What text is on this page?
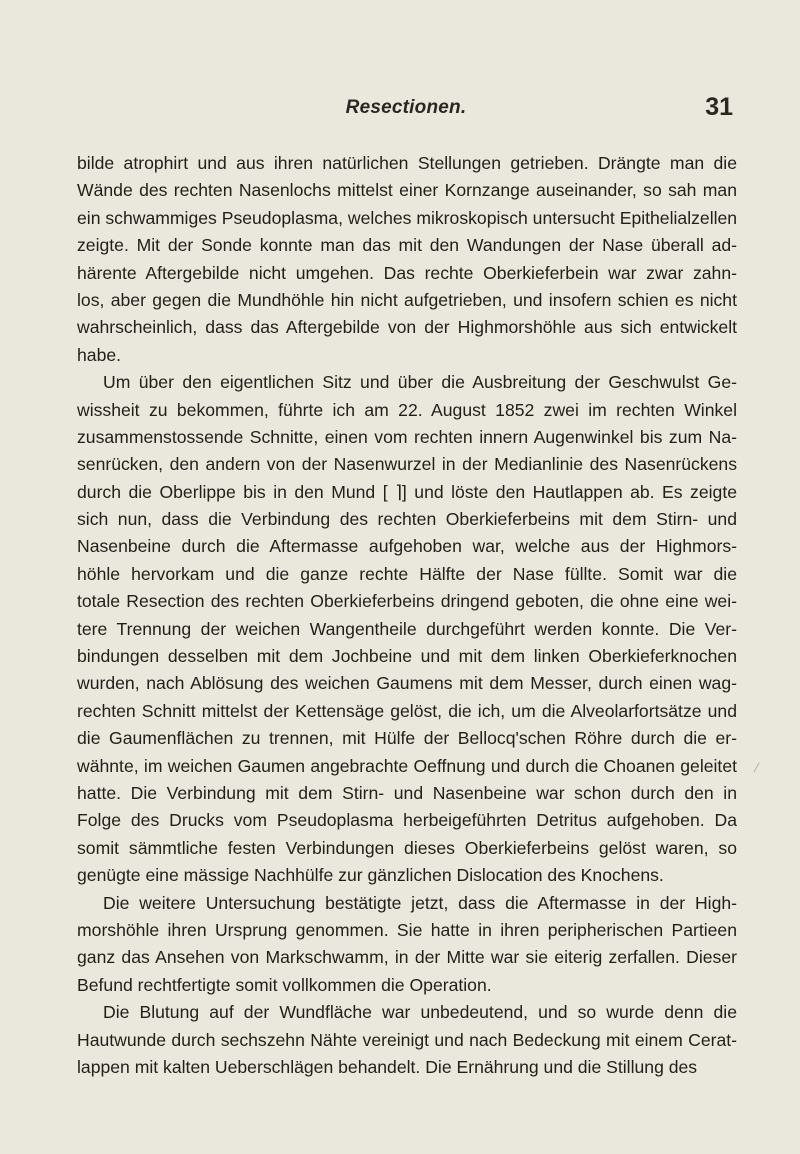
Resectionen.	31
bilde atrophirt und aus ihren natürlichen Stellungen getrieben. Drängte man die
Wände des rechten Nasenlochs mittelst einer Kornzange auseinander, so sah man
ein schwammiges Pseudoplasma, welches mikroskopisch untersucht Epithelialzellen
zeigte. Mit der Sonde konnte man das mit den Wandungen der Nase überall ad-
härente Aftergebilde nicht umgehen. Das rechte Oberkieferbein war zwar zahn-
los, aber gegen die Mundhöhle hin nicht aufgetrieben, und insofern schien es nicht
wahrscheinlich, dass das Aftergebilde von der Highmorshöhle aus sich entwickelt
habe.
Um über den eigentlichen Sitz und über die Ausbreitung der Geschwulst Ge-
wissheit zu bekommen, führte ich am 22. August 1852 zwei im rechten Winkel
zusammenstossende Schnitte, einen vom rechten innern Augenwinkel bis zum Na-
senrücken, den andern von der Nasenwurzel in der Medianlinie des Nasenrückens
durch die Oberlippe bis in den Mund [ ⌉] und löste den Hautlappen ab. Es zeigte
sich nun, dass die Verbindung des rechten Oberkieferbeins mit dem Stirn- und
Nasenbeine durch die Aftermasse aufgehoben war, welche aus der Highmors-
höhle hervorkam und die ganze rechte Hälfte der Nase füllte. Somit war die
totale Resection des rechten Oberkieferbeins dringend geboten, die ohne eine wei-
tere Trennung der weichen Wangentheile durchgeführt werden konnte. Die Ver-
bindungen desselben mit dem Jochbeine und mit dem linken Oberkieferknochen
wurden, nach Ablösung des weichen Gaumens mit dem Messer, durch einen wag-
rechten Schnitt mittelst der Kettensäge gelöst, die ich, um die Alveolarfortsätze und
die Gaumenflächen zu trennen, mit Hülfe der Bellocq'schen Röhre durch die er-
wähnte, im weichen Gaumen angebrachte Oeffnung und durch die Choanen geleitet
hatte. Die Verbindung mit dem Stirn- und Nasenbeine war schon durch den in
Folge des Drucks vom Pseudoplasma herbeigeführten Detritus aufgehoben. Da
somit sämmtliche festen Verbindungen dieses Oberkieferbeins gelöst waren, so
genügte eine mässige Nachhülfe zur gänzlichen Dislocation des Knochens.
Die weitere Untersuchung bestätigte jetzt, dass die Aftermasse in der High-
morshöhle ihren Ursprung genommen. Sie hatte in ihren peripherischen Partieen
ganz das Ansehen von Markschwamm, in der Mitte war sie eiterig zerfallen. Dieser
Befund rechtfertigte somit vollkommen die Operation.
Die Blutung auf der Wundfläche war unbedeutend, und so wurde denn die
Hautwunde durch sechszehn Nähte vereinigt und nach Bedeckung mit einem Cerat-
lappen mit kalten Ueberschlägen behandelt. Die Ernährung und die Stillung des
